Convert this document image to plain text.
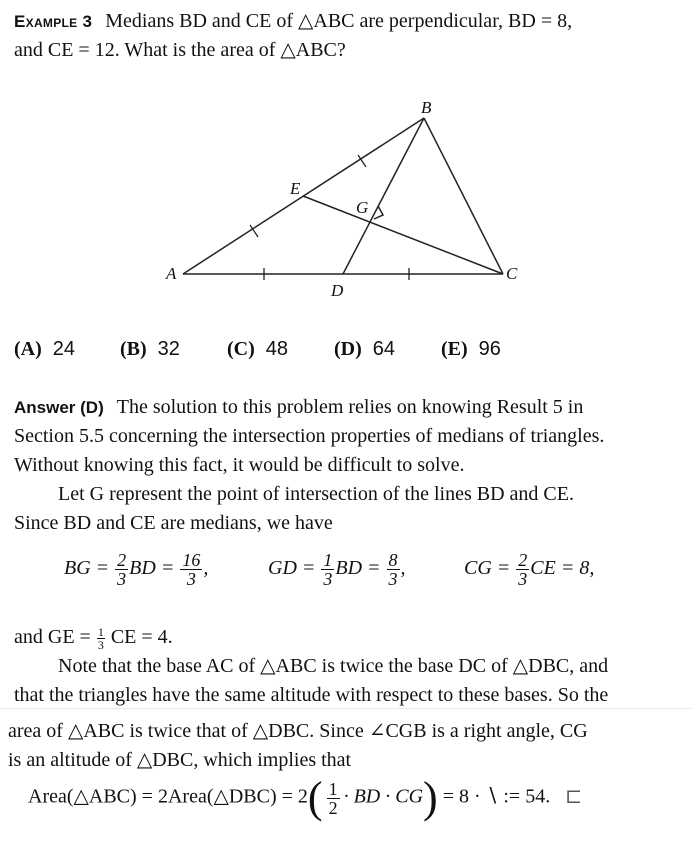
Example 3 Medians BD and CE of △ABC are perpendicular, BD = 8,
and CE = 12. What is the area of △ABC?
B
E
G
A	C
D
(A) 24 (B) 32 (C) 48 (D) 64 (E) 96
Answer (D) The solution to this problem relies on knowing Result 5 in
Section 5.5 concerning the intersection properties of medians of triangles.
Without knowing this fact, it would be difficult to solve.
Let G represent the point of intersection of the lines BD and CE.
Since BD and CE are medians, we have
BG = $\frac{2}{3}$ BD = $\frac{16}{3}$ ,	GD = $\frac{1}{3}$ BD = $\frac{8}{3}$ ,	CG = $\frac{2}{3}$ CE = 8,
and GE = $\frac{1}{3}$ CE = 4.
Note that the base AC of △ABC is twice the base DC of △DBC, and
that the triangles have the same altitude with respect to these bases. So the
area of △ABC is twice that of △DBC. Since ∠CGB is a right angle, CG
is an altitude of △DBC, which implies that
Area(△ABC) = 2Area(△DBC) = $2( \frac{1}{2}$ · BD · CG) = 8 · ∖ := 54. ⊏
